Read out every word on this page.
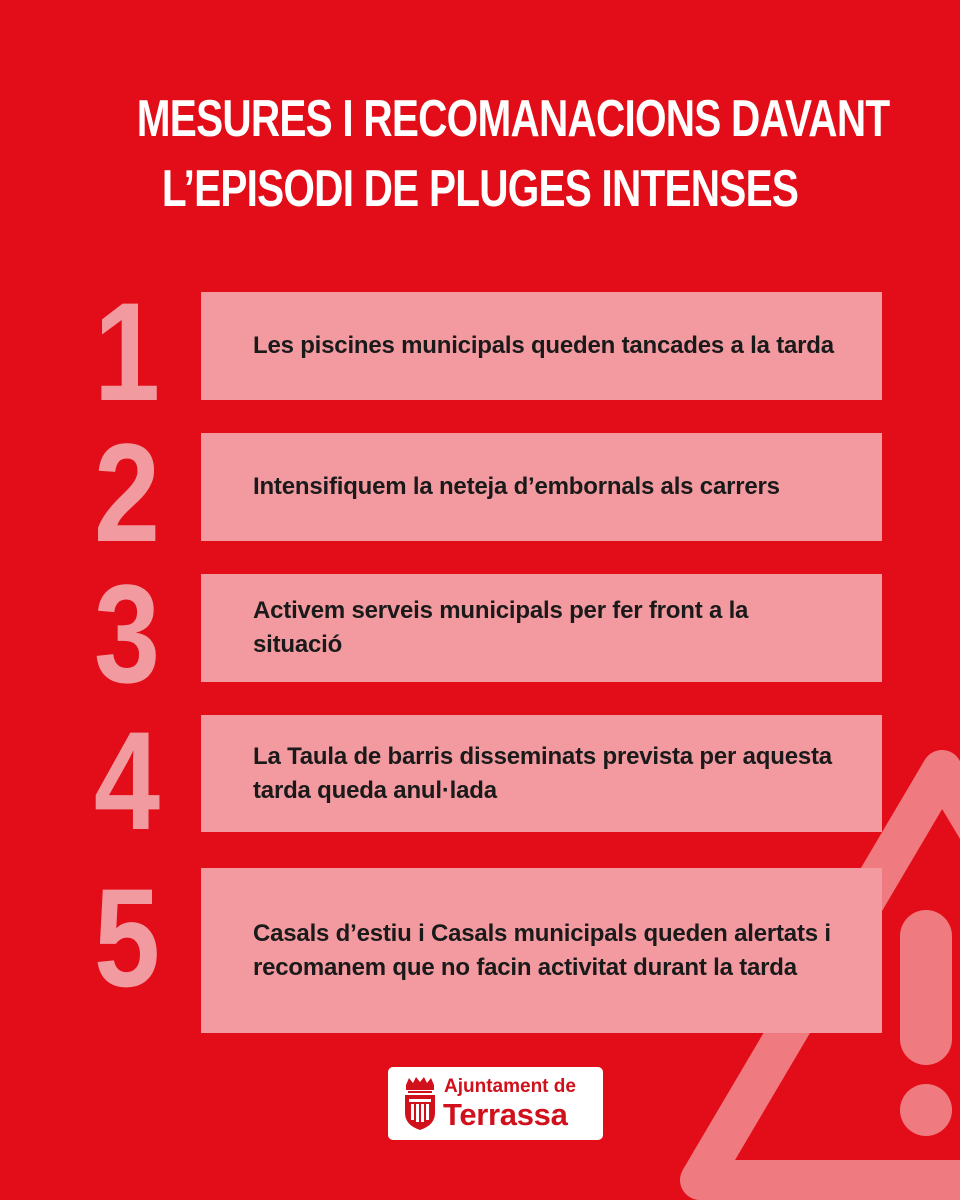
MESURES I RECOMANACIONS DAVANT
L’EPISODI DE PLUGES INTENSES
1	Les piscines municipals queden tancades a la tarda
2	Intensifiquem la neteja d’embornals als carrers
3	Activem serveis municipals per fer front a la situació
4	La Taula de barris disseminats prevista per aquesta tarda queda anul·lada
5	Casals d’estiu i Casals municipals queden alertats i recomanem que no facin activitat durant la tarda
Ajuntament de
Terrassa
